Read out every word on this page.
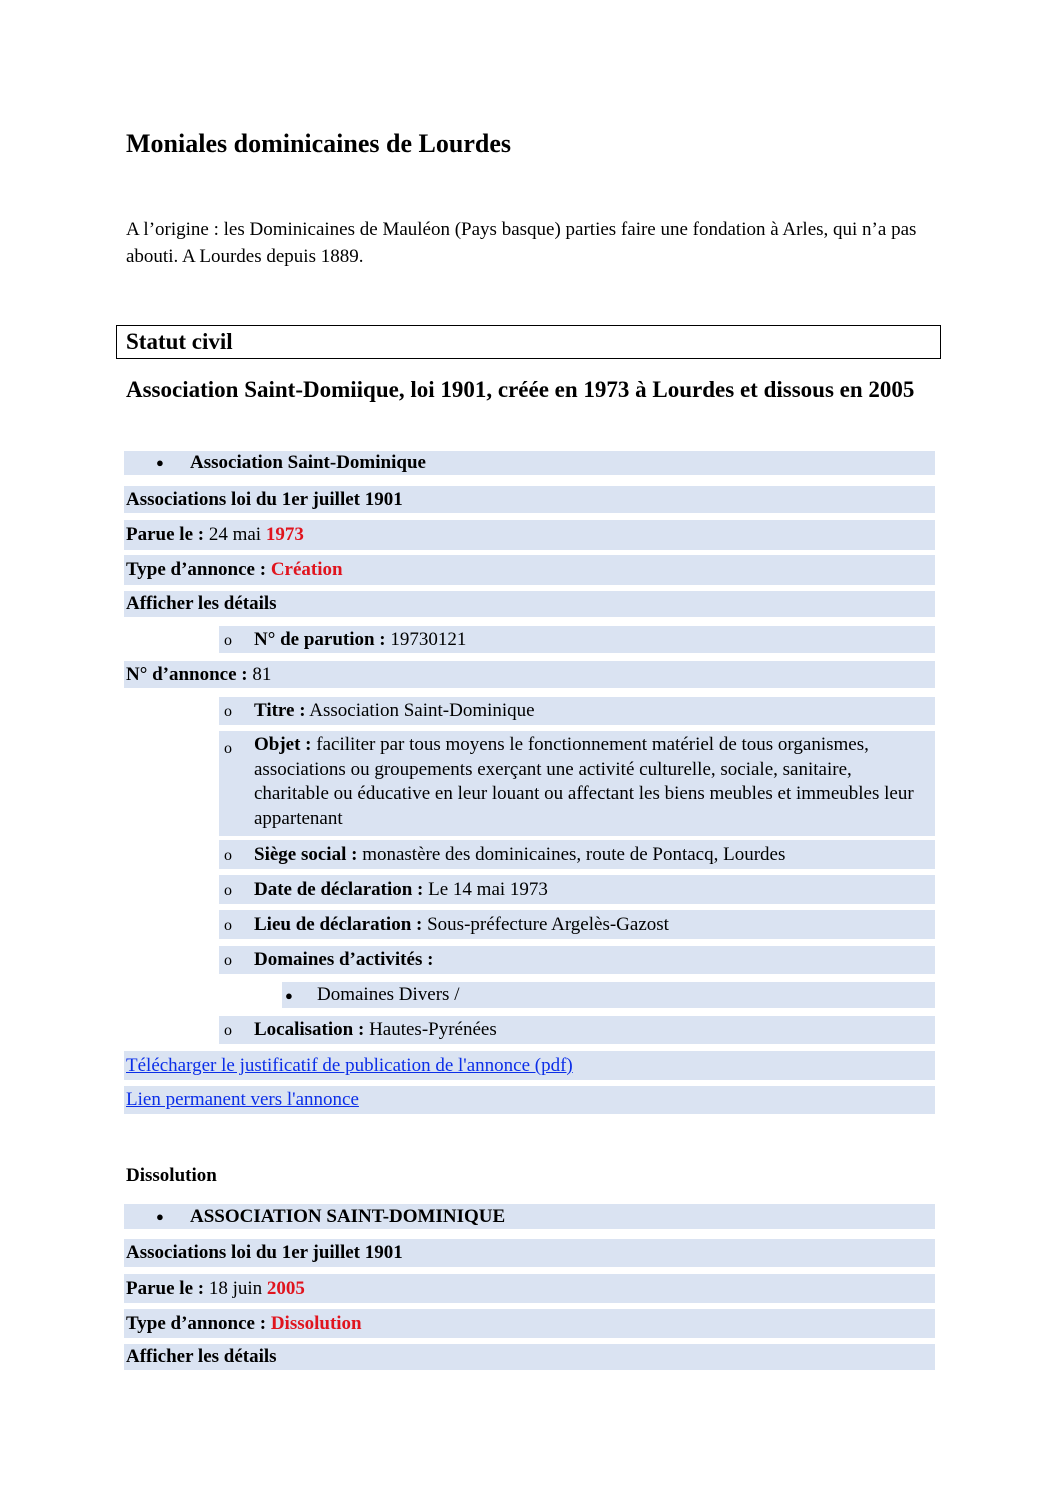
Moniales dominicaines de Lourdes

A l’origine : les Dominicaines de Mauléon (Pays basque) parties faire une fondation à Arles, qui n’a pas abouti. A Lourdes depuis 1889.

Statut civil
Association Saint-Domiique, loi 1901, créée en 1973 à Lourdes et dissous en 2005
● Association Saint-Dominique
Associations loi du 1er juillet 1901
Parue le : 24 mai 1973
Type d’annonce : Création
Afficher les détails
o N° de parution : 19730121
N° d’annonce : 81
o Titre : Association Saint-Dominique
o Objet : faciliter par tous moyens le fonctionnement matériel de tous organismes, associations ou groupements exerçant une activité culturelle, sociale, sanitaire, charitable ou éducative en leur louant ou affectant les biens meubles et immeubles leur appartenant
o Siège social : monastère des dominicaines, route de Pontacq, Lourdes
o Date de déclaration : Le 14 mai 1973
o Lieu de déclaration : Sous-préfecture Argelès-Gazost
o Domaines d’activités :
● Domaines Divers /
o Localisation : Hautes-Pyrénées
Télécharger le justificatif de publication de l'annonce (pdf)
Lien permanent vers l'annonce
Dissolution
● ASSOCIATION SAINT-DOMINIQUE
Associations loi du 1er juillet 1901
Parue le : 18 juin 2005
Type d’annonce : Dissolution
Afficher les détails
